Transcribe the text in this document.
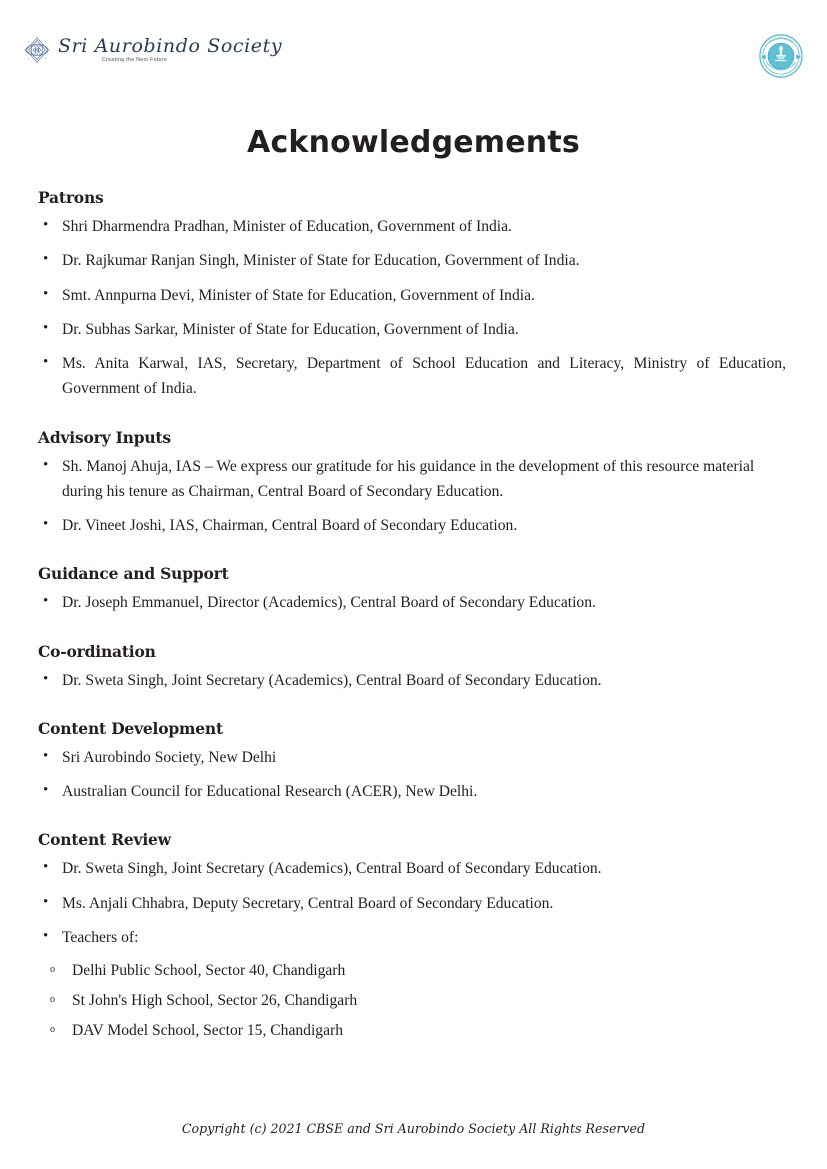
Sri Aurobindo Society
Creating the Next Future
Acknowledgements
Patrons
• Shri Dharmendra Pradhan, Minister of Education, Government of India.
• Dr. Rajkumar Ranjan Singh, Minister of State for Education, Government of India.
• Smt. Annpurna Devi, Minister of State for Education, Government of India.
• Dr. Subhas Sarkar, Minister of State for Education, Government of India.
• Ms. Anita Karwal, IAS, Secretary, Department of School Education and Literacy, Ministry of Education, Government of India.
Advisory Inputs
• Sh. Manoj Ahuja, IAS – We express our gratitude for his guidance in the development of this resource material during his tenure as Chairman, Central Board of Secondary Education.
• Dr. Vineet Joshi, IAS, Chairman, Central Board of Secondary Education.
Guidance and Support
• Dr. Joseph Emmanuel, Director (Academics), Central Board of Secondary Education.
Co-ordination
• Dr. Sweta Singh, Joint Secretary (Academics), Central Board of Secondary Education.
Content Development
• Sri Aurobindo Society, New Delhi
• Australian Council for Educational Research (ACER), New Delhi.
Content Review
• Dr. Sweta Singh, Joint Secretary (Academics), Central Board of Secondary Education.
• Ms. Anjali Chhabra, Deputy Secretary, Central Board of Secondary Education.
• Teachers of:
o Delhi Public School, Sector 40, Chandigarh
o St John's High School, Sector 26, Chandigarh
o DAV Model School, Sector 15, Chandigarh
Copyright (c) 2021 CBSE and Sri Aurobindo Society All Rights Reserved
